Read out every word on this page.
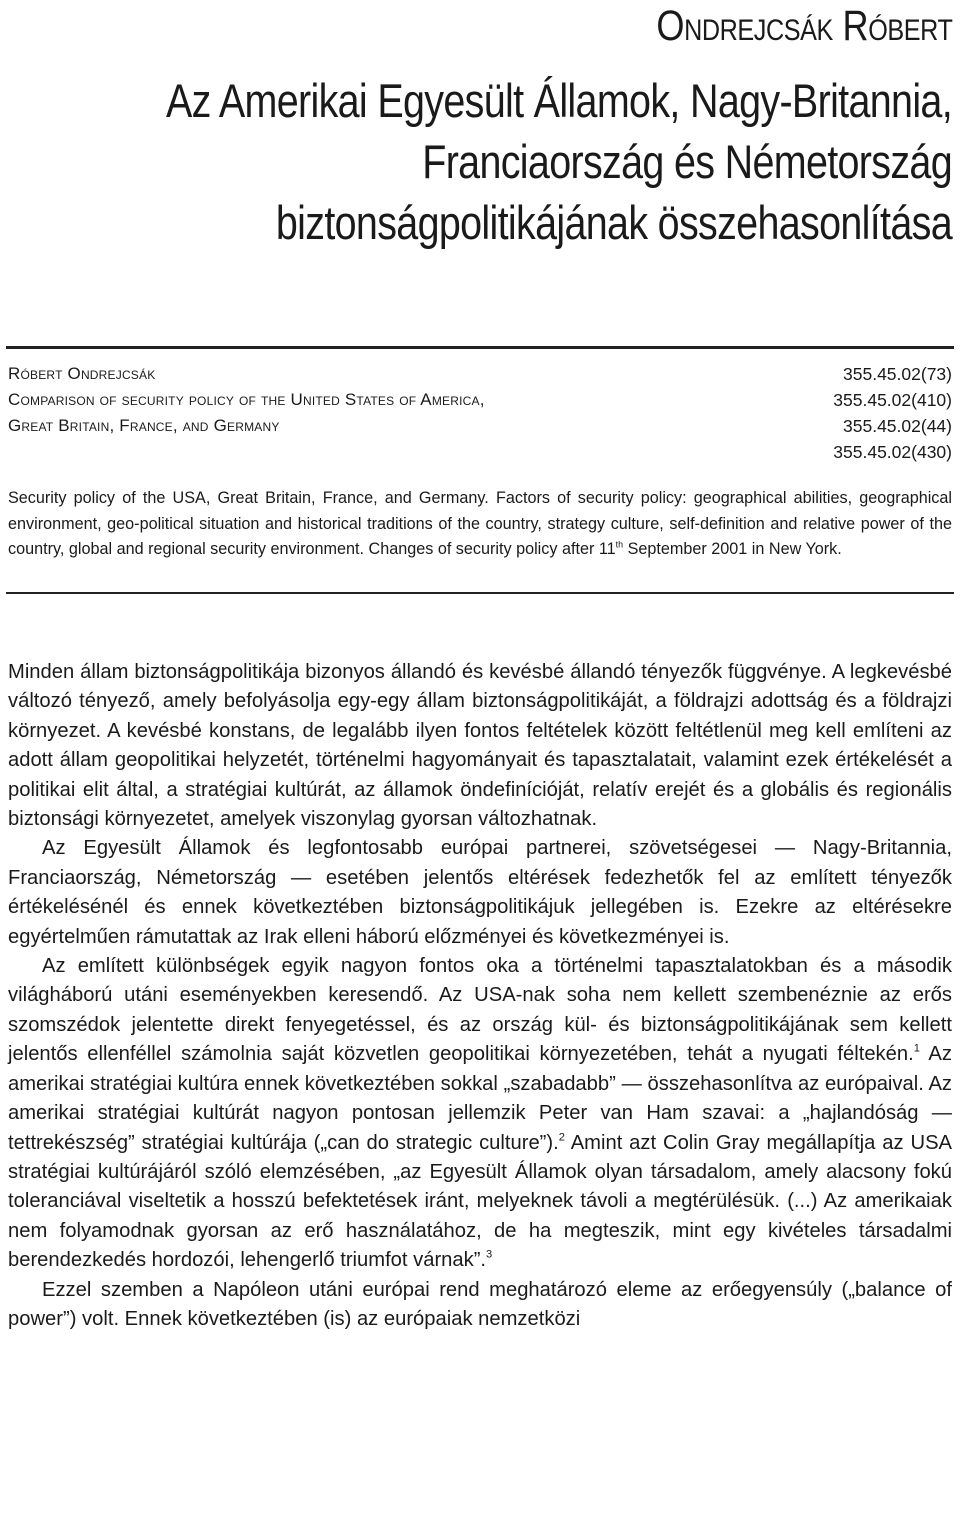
Ondrejcsák Róbert
Az Amerikai Egyesült Államok, Nagy-Britannia,
Franciaország és Németország
biztonságpolitikájának összehasonlítása
Róbert Ondrejcsák	355.45.02(73)
Comparison of security policy of the United States of America,	355.45.02(410)
Great Britain, France, and Germany	355.45.02(44)
355.45.02(430)
Security policy of the USA, Great Britain, France, and Germany. Factors of security policy: geographical abilities, geographical environment, geo-political situation and historical traditions of the country, strategy culture, self-definition and relative power of the country, global and regional security environment. Changes of security policy after 11th September 2001 in New York.

Minden állam biztonságpolitikája bizonyos állandó és kevésbé állandó tényezők függvénye. A legkevésbé változó tényező, amely befolyásolja egy-egy állam biztonságpolitikáját, a földrajzi adottság és a földrajzi környezet. A kevésbé konstans, de legalább ilyen fontos feltételek között feltétlenül meg kell említeni az adott állam geopolitikai helyzetét, történelmi hagyományait és tapasztalatait, valamint ezek értékelését a politikai elit által, a stratégiai kultúrát, az államok öndefinícióját, relatív erejét és a globális és regionális biztonsági környezetet, amelyek viszonylag gyorsan változhatnak.

Az Egyesült Államok és legfontosabb európai partnerei, szövetségesei — Nagy-Britannia, Franciaország, Németország — esetében jelentős eltérések fedezhetők fel az említett tényezők értékelésénél és ennek következtében biztonságpolitikájuk jellegében is. Ezekre az eltérésekre egyértelműen rámutattak az Irak elleni háború előzményei és következményei is.

Az említett különbségek egyik nagyon fontos oka a történelmi tapasztalatokban és a második világháború utáni eseményekben keresendő. Az USA-nak soha nem kellett szembenéznie az erős szomszédok jelentette direkt fenyegetéssel, és az ország kül- és biztonságpolitikájának sem kellett jelentős ellenféllel számolnia saját közvetlen geopolitikai környezetében, tehát a nyugati féltekén.$^1$ Az amerikai stratégiai kultúra ennek következtében sokkal „szabadabb” — összehasonlítva az európaival. Az amerikai stratégiai kultúrát nagyon pontosan jellemzik Peter van Ham szavai: a „hajlandóság — tettrekészség” stratégiai kultúrája („can do strategic culture”).$^2$ Amint azt Colin Gray megállapítja az USA stratégiai kultúrájáról szóló elemzésében, „az Egyesült Államok olyan társadalom, amely alacsony fokú toleranciával viseltetik a hosszú befektetések iránt, melyeknek távoli a megtérülésük. (...) Az amerikaiak nem folyamodnak gyorsan az erő használatához, de ha megteszik, mint egy kivételes társadalmi berendezkedés hordozói, lehengerlő triumfot várnak”.$^3$

Ezzel szemben a Napóleon utáni európai rend meghatározó eleme az erőegyensúly („balance of power”) volt. Ennek következtében (is) az európaiak nemzetközi
